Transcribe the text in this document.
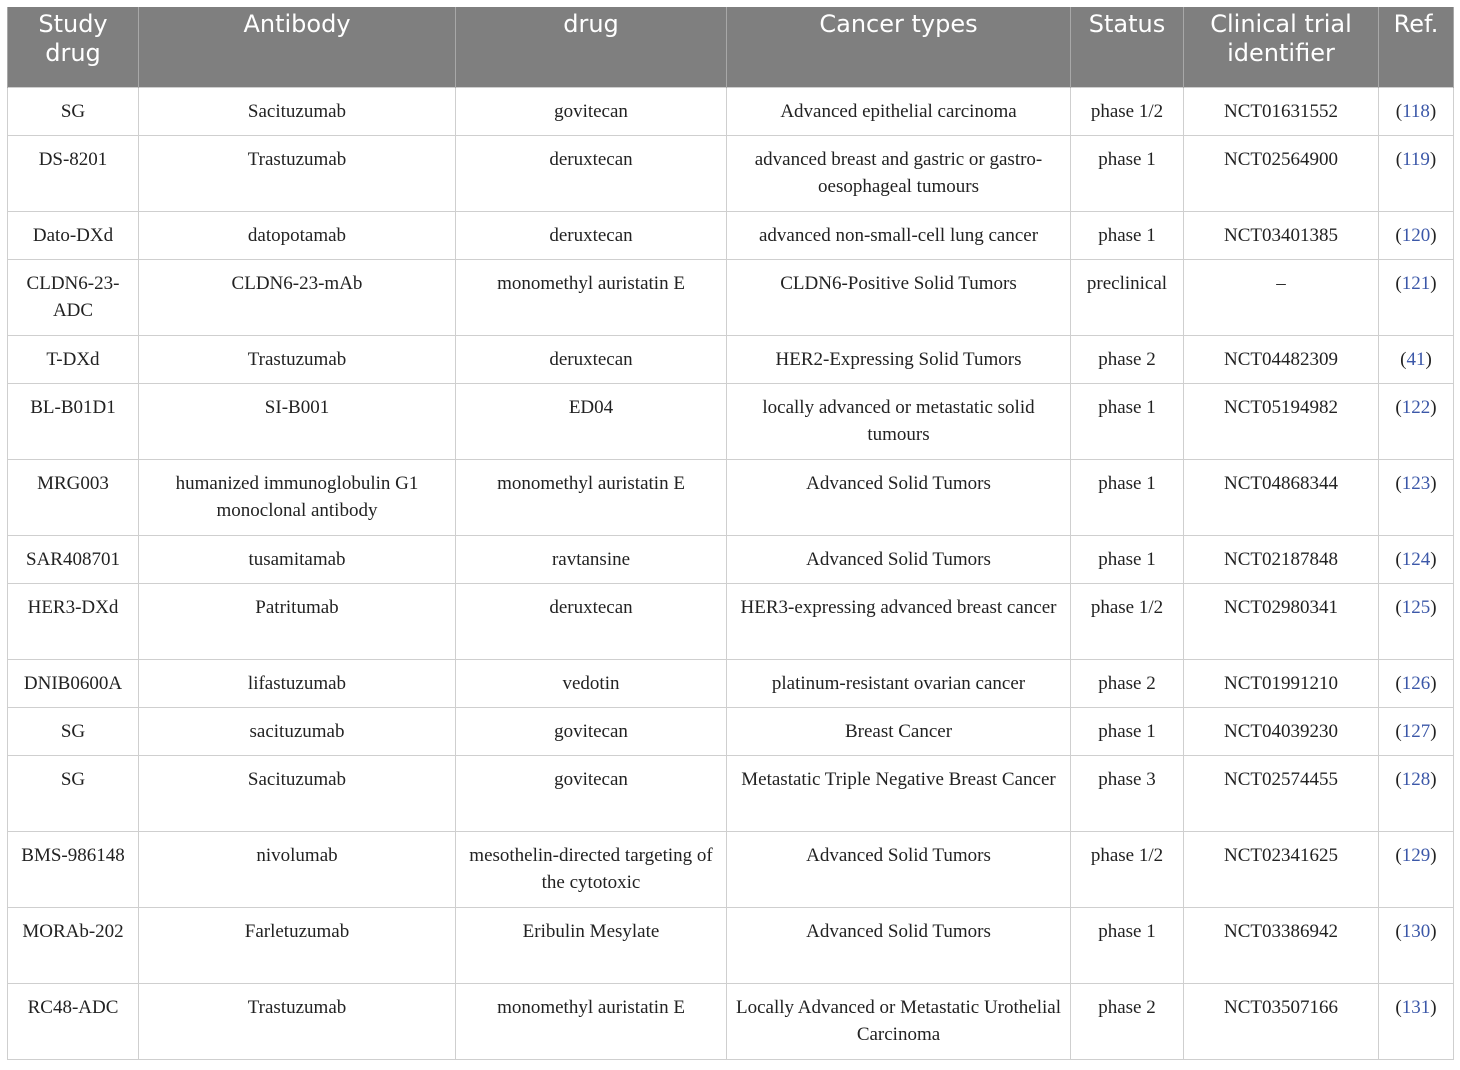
Study drug	Antibody	drug	Cancer types	Status	Clinical trial identifier	Ref.
SG	Sacituzumab	govitecan	Advanced epithelial carcinoma	phase 1/2	NCT01631552	(118)
DS-8201	Trastuzumab	deruxtecan	advanced breast and gastric or gastro-oesophageal tumours	phase 1	NCT02564900	(119)
Dato-DXd	datopotamab	deruxtecan	advanced non-small-cell lung cancer	phase 1	NCT03401385	(120)
CLDN6-23-ADC	CLDN6-23-mAb	monomethyl auristatin E	CLDN6-Positive Solid Tumors	preclinical	–	(121)
T-DXd	Trastuzumab	deruxtecan	HER2-Expressing Solid Tumors	phase 2	NCT04482309	(41)
BL-B01D1	SI-B001	ED04	locally advanced or metastatic solid tumours	phase 1	NCT05194982	(122)
MRG003	humanized immunoglobulin G1 monoclonal antibody	monomethyl auristatin E	Advanced Solid Tumors	phase 1	NCT04868344	(123)
SAR408701	tusamitamab	ravtansine	Advanced Solid Tumors	phase 1	NCT02187848	(124)
HER3-DXd	Patritumab	deruxtecan	HER3-expressing advanced breast cancer	phase 1/2	NCT02980341	(125)
DNIB0600A	lifastuzumab	vedotin	platinum-resistant ovarian cancer	phase 2	NCT01991210	(126)
SG	sacituzumab	govitecan	Breast Cancer	phase 1	NCT04039230	(127)
SG	Sacituzumab	govitecan	Metastatic Triple Negative Breast Cancer	phase 3	NCT02574455	(128)
BMS-986148	nivolumab	mesothelin-directed targeting of the cytotoxic	Advanced Solid Tumors	phase 1/2	NCT02341625	(129)
MORAb-202	Farletuzumab	Eribulin Mesylate	Advanced Solid Tumors	phase 1	NCT03386942	(130)
RC48-ADC	Trastuzumab	monomethyl auristatin E	Locally Advanced or Metastatic Urothelial Carcinoma	phase 2	NCT03507166	(131)
